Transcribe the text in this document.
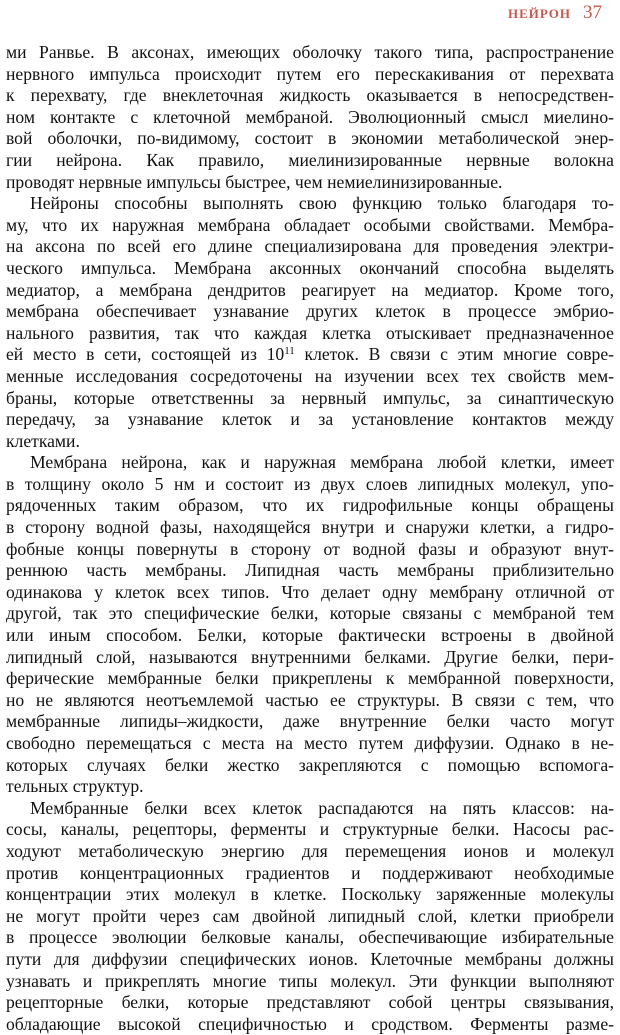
НЕЙРОН 37
ми Ранвье. В аксонах, имеющих оболочку такого типа, распространение
нервного импульса происходит путем его перескакивания от перехвата
к перехвату, где внеклеточная жидкость оказывается в непосредствен-
ном контакте с клеточной мембраной. Эволюционный смысл миелино-
вой оболочки, по-видимому, состоит в экономии метаболической энер-
гии нейрона. Как правило, миелинизированные нервные волокна
проводят нервные импульсы быстрее, чем немиелинизированные.
Нейроны способны выполнять свою функцию только благодаря то-
му, что их наружная мембрана обладает особыми свойствами. Мембра-
на аксона по всей его длине специализирована для проведения электри-
ческого импульса. Мембрана аксонных окончаний способна выделять
медиатор, а мембрана дендритов реагирует на медиатор. Кроме того,
мембрана обеспечивает узнавание других клеток в процессе эмбрио-
нального развития, так что каждая клетка отыскивает предназначенное
ей место в сети, состоящей из $10^{11}$ клеток. В связи с этим многие совре-
менные исследования сосредоточены на изучении всех тех свойств мем-
браны, которые ответственны за нервный импульс, за синаптическую
передачу, за узнавание клеток и за установление контактов между
клетками.
Мембрана нейрона, как и наружная мембрана любой клетки, имеет
в толщину около 5 нм и состоит из двух слоев липидных молекул, упо-
рядоченных таким образом, что их гидрофильные концы обращены
в сторону водной фазы, находящейся внутри и снаружи клетки, а гидро-
фобные концы повернуты в сторону от водной фазы и образуют внут-
реннюю часть мембраны. Липидная часть мембраны приблизительно
одинакова у клеток всех типов. Что делает одну мембрану отличной от
другой, так это специфические белки, которые связаны с мембраной тем
или иным способом. Белки, которые фактически встроены в двойной
липидный слой, называются внутренними белками. Другие белки, пери-
ферические мембранные белки прикреплены к мембранной поверхности,
но не являются неотъемлемой частью ее структуры. В связи с тем, что
мембранные липиды–жидкости, даже внутренние белки часто могут
свободно перемещаться с места на место путем диффузии. Однако в не-
которых случаях белки жестко закрепляются с помощью вспомога-
тельных структур.
Мембранные белки всех клеток распадаются на пять классов: на-
сосы, каналы, рецепторы, ферменты и структурные белки. Насосы рас-
ходуют метаболическую энергию для перемещения ионов и молекул
против концентрационных градиентов и поддерживают необходимые
концентрации этих молекул в клетке. Поскольку заряженные молекулы
не могут пройти через сам двойной липидный слой, клетки приобрели
в процессе эволюции белковые каналы, обеспечивающие избирательные
пути для диффузии специфических ионов. Клеточные мембраны должны
узнавать и прикреплять многие типы молекул. Эти функции выполняют
рецепторные белки, которые представляют собой центры связывания,
обладающие высокой специфичностью и сродством. Ферменты разме-
